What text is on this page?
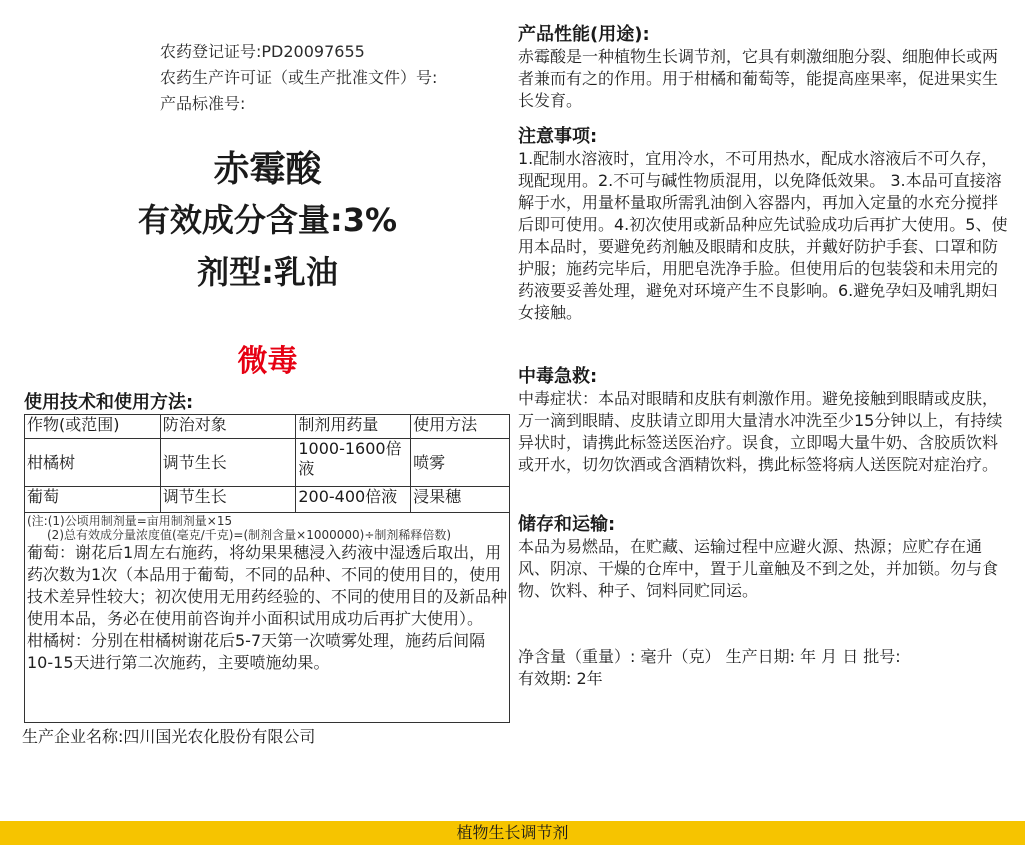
农药登记证号:PD20097655
农药生产许可证（或生产批准文件）号:
产品标准号:
赤霉酸
有效成分含量:3%
剂型:乳油
微毒
使用技术和使用方法:
作物(或范围)	防治对象	制剂用药量	使用方法
柑橘树	调节生长	1000-1600倍液	喷雾
葡萄	调节生长	200-400倍液	浸果穗
(注:(1)公顷用制剂量=亩用制剂量×15
(2)总有效成分量浓度值(毫克/千克)=(制剂含量×1000000)÷制剂稀释倍数)
葡萄：谢花后1周左右施药，将幼果果穗浸入药液中湿透后取出，用药次数为1次（本品用于葡萄，不同的品种、不同的使用目的，使用技术差异性较大；初次使用无用药经验的、不同的使用目的及新品种使用本品，务必在使用前咨询并小面积试用成功后再扩大使用）。
柑橘树：分别在柑橘树谢花后5-7天第一次喷雾处理，施药后间隔10-15天进行第二次施药，主要喷施幼果。
生产企业名称:四川国光农化股份有限公司
产品性能(用途):
赤霉酸是一种植物生长调节剂，它具有刺激细胞分裂、细胞伸长或两者兼而有之的作用。用于柑橘和葡萄等，能提高座果率，促进果实生长发育。
注意事项:
1.配制水溶液时，宜用冷水，不可用热水，配成水溶液后不可久存，现配现用。2.不可与碱性物质混用，以免降低效果。 3.本品可直接溶解于水，用量杯量取所需乳油倒入容器内，再加入定量的水充分搅拌后即可使用。4.初次使用或新品种应先试验成功后再扩大使用。5、使用本品时，要避免药剂触及眼睛和皮肤，并戴好防护手套、口罩和防护服；施药完毕后，用肥皂洗净手脸。但使用后的包装袋和未用完的药液要妥善处理，避免对环境产生不良影响。6.避免孕妇及哺乳期妇女接触。
中毒急救:
中毒症状：本品对眼睛和皮肤有刺激作用。避免接触到眼睛或皮肤，万一滴到眼睛、皮肤请立即用大量清水冲洗至少15分钟以上，有持续异状时，请携此标签送医治疗。误食，立即喝大量牛奶、含胶质饮料或开水，切勿饮酒或含酒精饮料，携此标签将病人送医院对症治疗。
储存和运输:
本品为易燃品，在贮藏、运输过程中应避火源、热源；应贮存在通风、阴凉、干燥的仓库中，置于儿童触及不到之处，并加锁。勿与食物、饮料、种子、饲料同贮同运。
净含量（重量）: 毫升（克） 生产日期: 年 月 日 批号:
有效期: 2年
植物生长调节剂
